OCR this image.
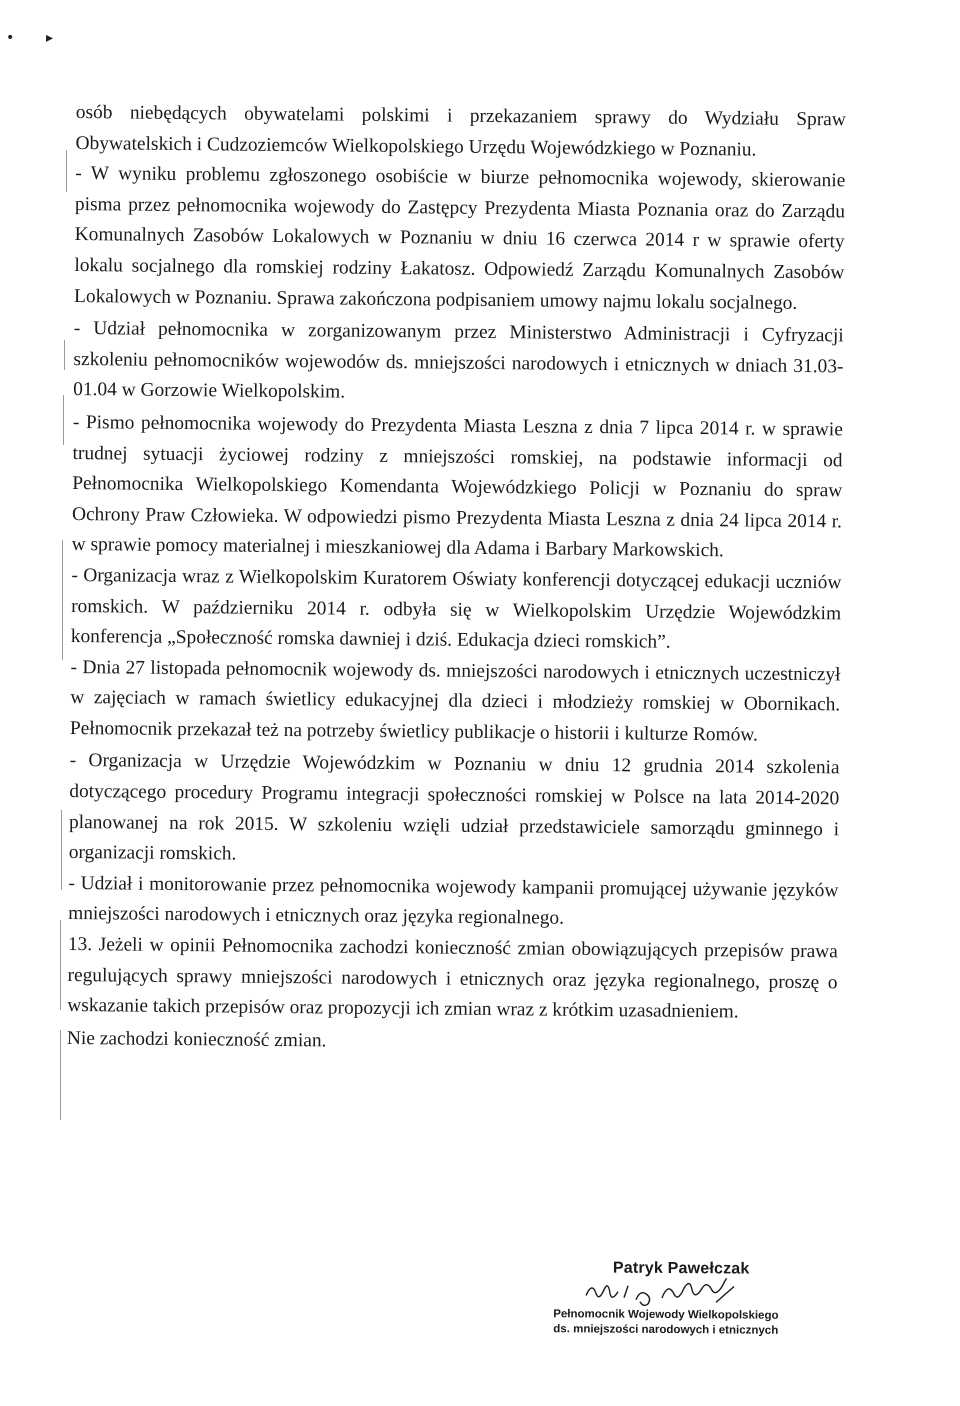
• ▸

osób niebędących obywatelami polskimi i przekazaniem sprawy do Wydziału Spraw Obywatelskich i Cudzoziemców Wielkopolskiego Urzędu Wojewódzkiego w Poznaniu.

- W wyniku problemu zgłoszonego osobiście w biurze pełnomocnika wojewody, skierowanie pisma przez pełnomocnika wojewody do Zastępcy Prezydenta Miasta Poznania oraz do Zarządu Komunalnych Zasobów Lokalowych w Poznaniu w dniu 16 czerwca 2014 r w sprawie oferty lokalu socjalnego dla romskiej rodziny Łakatosz. Odpowiedź Zarządu Komunalnych Zasobów Lokalowych w Poznaniu. Sprawa zakończona podpisaniem umowy najmu lokalu socjalnego.

- Udział pełnomocnika w zorganizowanym przez Ministerstwo Administracji i Cyfryzacji szkoleniu pełnomocników wojewodów ds. mniejszości narodowych i etnicznych w dniach 31.03-01.04 w Gorzowie Wielkopolskim.

- Pismo pełnomocnika wojewody do Prezydenta Miasta Leszna z dnia 7 lipca 2014 r. w sprawie trudnej sytuacji życiowej rodziny z mniejszości romskiej, na podstawie informacji od Pełnomocnika Wielkopolskiego Komendanta Wojewódzkiego Policji w Poznaniu do spraw Ochrony Praw Człowieka. W odpowiedzi pismo Prezydenta Miasta Leszna z dnia 24 lipca 2014 r. w sprawie pomocy materialnej i mieszkaniowej dla Adama i Barbary Markowskich.

- Organizacja wraz z Wielkopolskim Kuratorem Oświaty konferencji dotyczącej edukacji uczniów romskich. W październiku 2014 r. odbyła się w Wielkopolskim Urzędzie Wojewódzkim konferencja „Społeczność romska dawniej i dziś. Edukacja dzieci romskich”.

- Dnia 27 listopada pełnomocnik wojewody ds. mniejszości narodowych i etnicznych uczestniczył w zajęciach w ramach świetlicy edukacyjnej dla dzieci i młodzieży romskiej w Obornikach. Pełnomocnik przekazał też na potrzeby świetlicy publikacje o historii i kulturze Romów.

- Organizacja w Urzędzie Wojewódzkim w Poznaniu w dniu 12 grudnia 2014 szkolenia dotyczącego procedury Programu integracji społeczności romskiej w Polsce na lata 2014-2020 planowanej na rok 2015. W szkoleniu wzięli udział przedstawiciele samorządu gminnego i organizacji romskich.

- Udział i monitorowanie przez pełnomocnika wojewody kampanii promującej używanie języków mniejszości narodowych i etnicznych oraz języka regionalnego.

13. Jeżeli w opinii Pełnomocnika zachodzi konieczność zmian obowiązujących przepisów prawa regulujących sprawy mniejszości narodowych i etnicznych oraz języka regionalnego, proszę o wskazanie takich przepisów oraz propozycji ich zmian wraz z krótkim uzasadnieniem.

Nie zachodzi konieczność zmian.

Patryk Pawełczak
Pełnomocnik Wojewody Wielkopolskiego
ds. mniejszości narodowych i etnicznych
